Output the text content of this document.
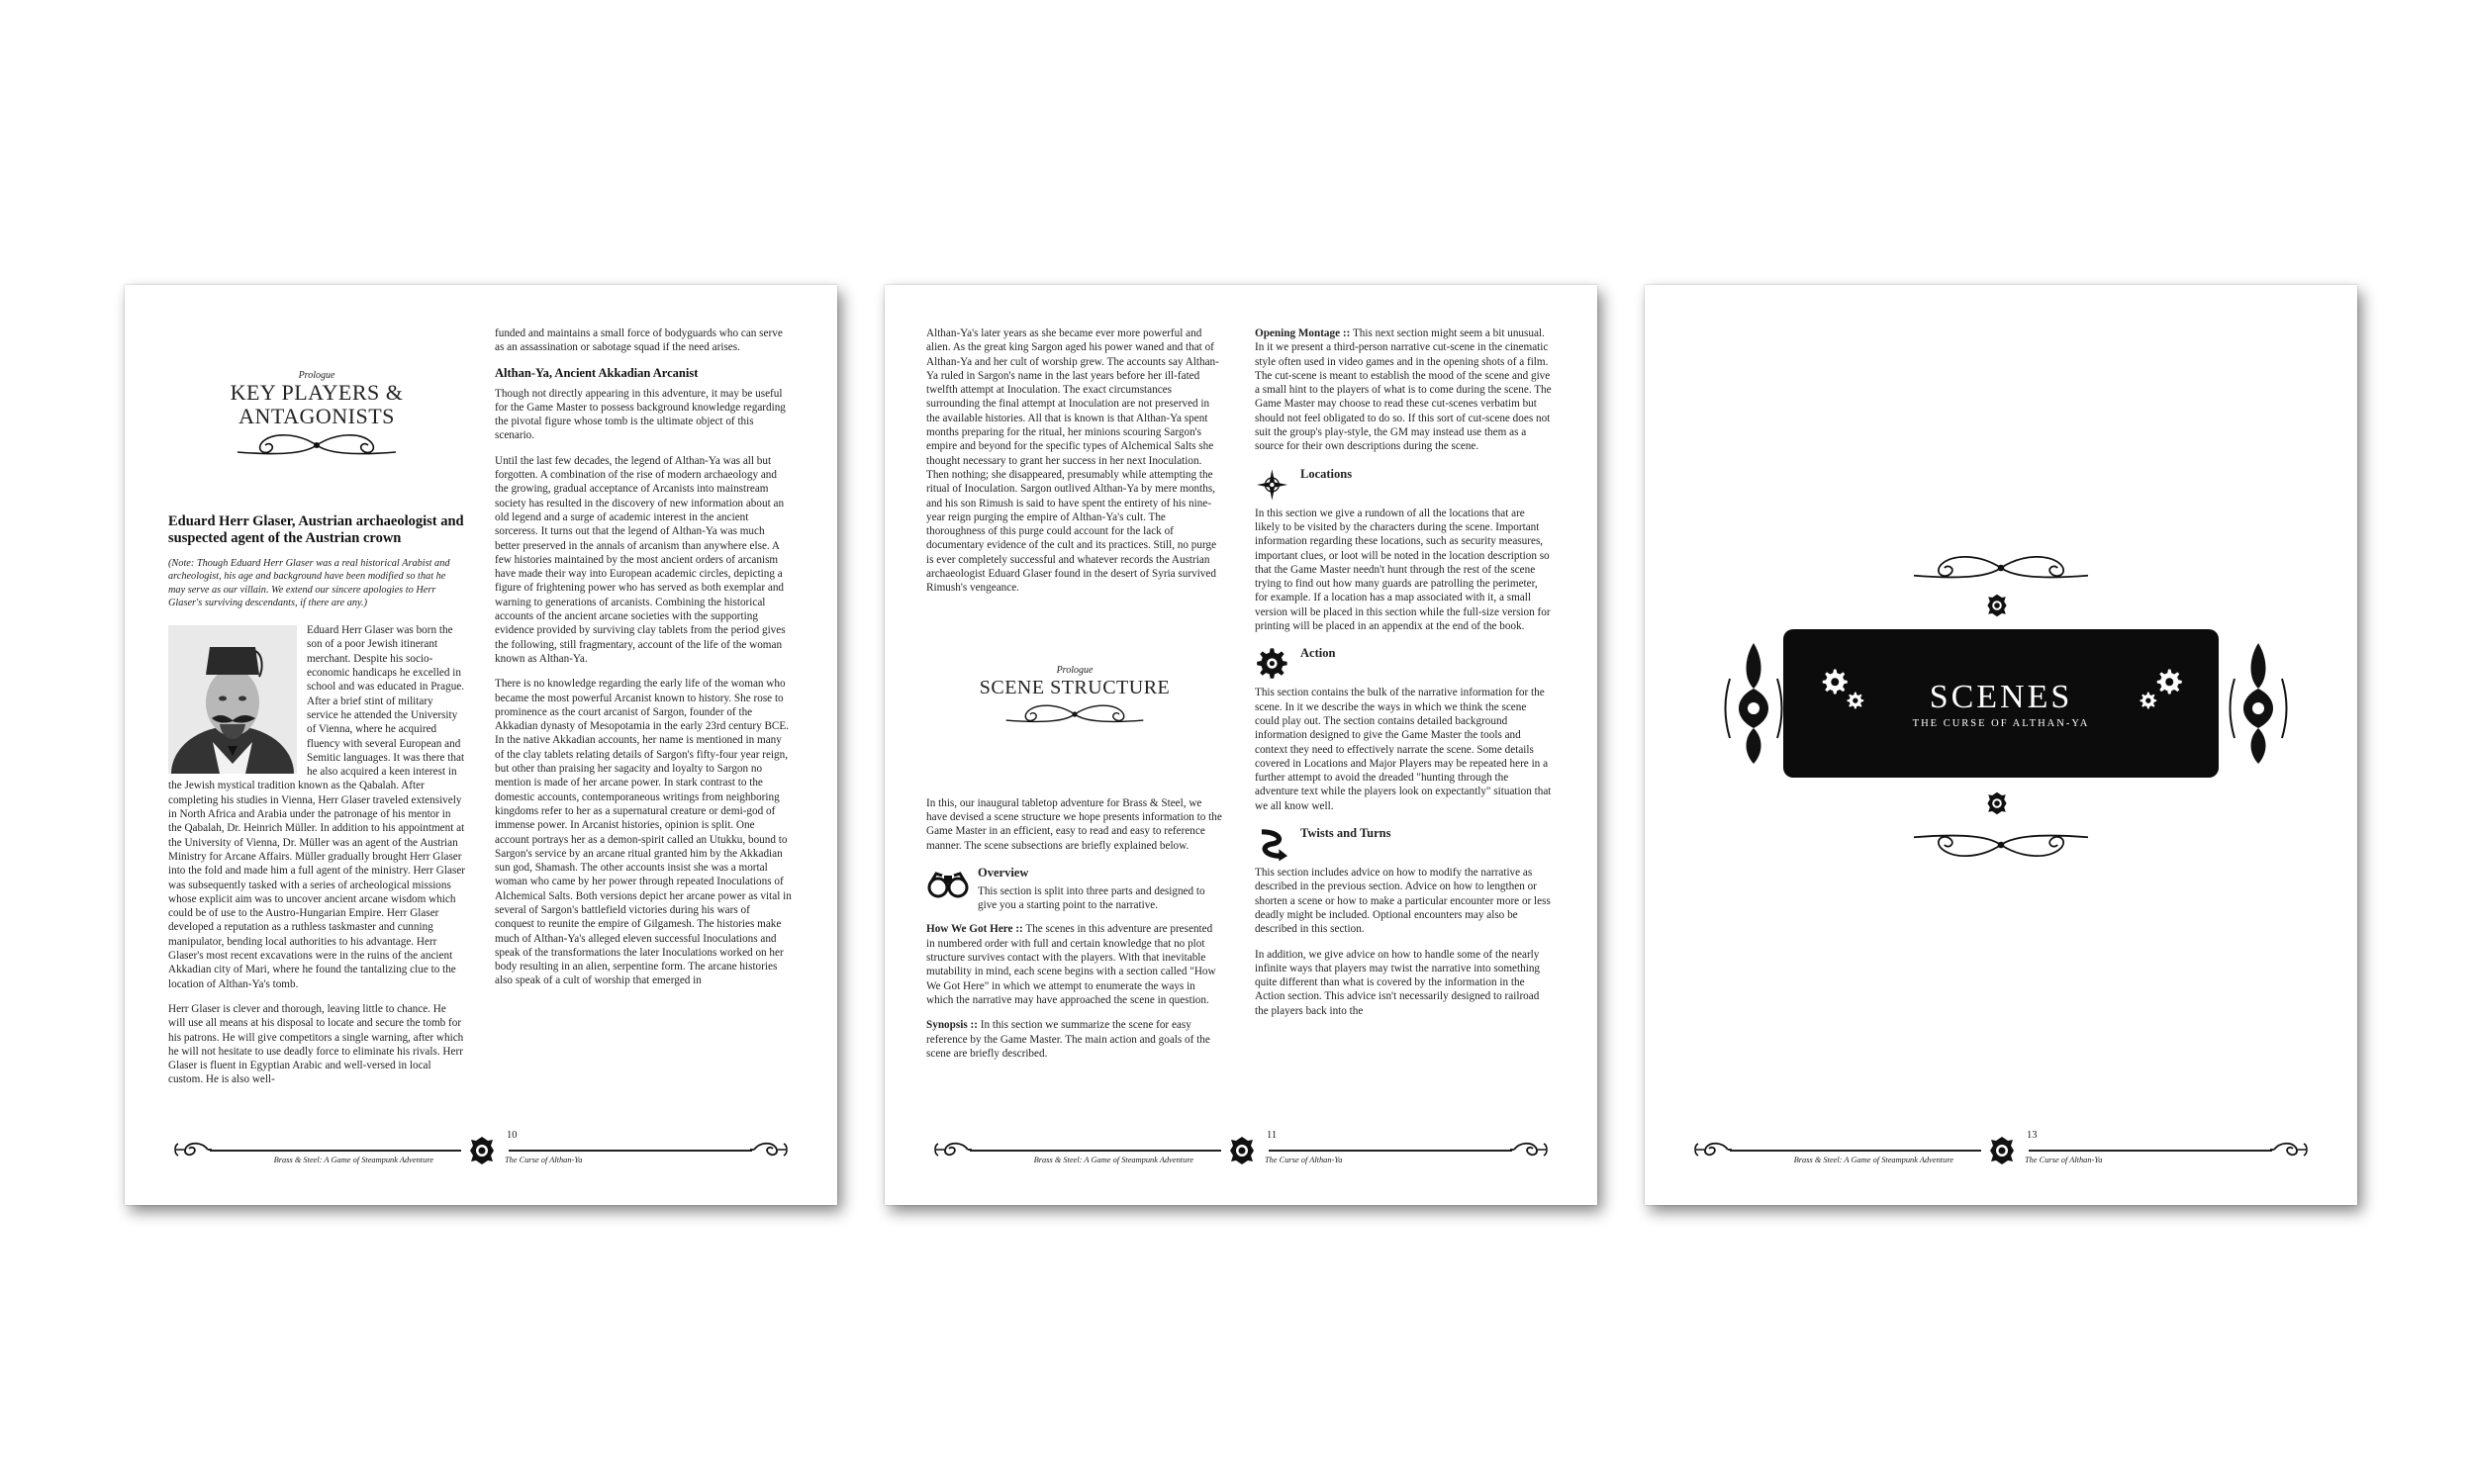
Prologue
KEY PLAYERS & ANTAGONISTS
Eduard Herr Glaser, Austrian archaeologist and suspected agent of the Austrian crown

(Note: Though Eduard Herr Glaser was a real historical Arabist and archeologist, his age and background have been modified so that he may serve as our villain. We extend our sincere apologies to Herr Glaser's surviving descendants, if there are any.)

Eduard Herr Glaser was born the son of a poor Jewish itinerant merchant. Despite his socio-economic handicaps he excelled in school and was educated in Prague. After a brief stint of military service he attended the University of Vienna, where he acquired fluency with several European and Semitic languages. It was there that he also acquired a keen interest in the Jewish mystical tradition known as the Qabalah. After completing his studies in Vienna, Herr Glaser traveled extensively in North Africa and Arabia under the patronage of his mentor in the Qabalah, Dr. Heinrich Müller. In addition to his appointment at the University of Vienna, Dr. Müller was an agent of the Austrian Ministry for Arcane Affairs. Müller gradually brought Herr Glaser into the fold and made him a full agent of the ministry. Herr Glaser was subsequently tasked with a series of archeological missions whose explicit aim was to uncover ancient arcane wisdom which could be of use to the Austro-Hungarian Empire. Herr Glaser developed a reputation as a ruthless taskmaster and cunning manipulator, bending local authorities to his advantage. Herr Glaser's most recent excavations were in the ruins of the ancient Akkadian city of Mari, where he found the tantalizing clue to the location of Althan-Ya's tomb.

Herr Glaser is clever and thorough, leaving little to chance. He will use all means at his disposal to locate and secure the tomb for his patrons. He will give competitors a single warning, after which he will not hesitate to use deadly force to eliminate his rivals. Herr Glaser is fluent in Egyptian Arabic and well-versed in local custom. He is also well-

funded and maintains a small force of bodyguards who can serve as an assassination or sabotage squad if the need arises.

Althan-Ya, Ancient Akkadian Arcanist

Though not directly appearing in this adventure, it may be useful for the Game Master to possess background knowledge regarding the pivotal figure whose tomb is the ultimate object of this scenario.

Until the last few decades, the legend of Althan-Ya was all but forgotten. A combination of the rise of modern archaeology and the growing, gradual acceptance of Arcanists into mainstream society has resulted in the discovery of new information about an old legend and a surge of academic interest in the ancient sorceress. It turns out that the legend of Althan-Ya was much better preserved in the annals of arcanism than anywhere else. A few histories maintained by the most ancient orders of arcanism have made their way into European academic circles, depicting a figure of frightening power who has served as both exemplar and warning to generations of arcanists. Combining the historical accounts of the ancient arcane societies with the supporting evidence provided by surviving clay tablets from the period gives the following, still fragmentary, account of the life of the woman known as Althan-Ya.

There is no knowledge regarding the early life of the woman who became the most powerful Arcanist known to history. She rose to prominence as the court arcanist of Sargon, founder of the Akkadian dynasty of Mesopotamia in the early 23rd century BCE. In the native Akkadian accounts, her name is mentioned in many of the clay tablets relating details of Sargon's fifty-four year reign, but other than praising her sagacity and loyalty to Sargon no mention is made of her arcane power. In stark contrast to the domestic accounts, contemporaneous writings from neighboring kingdoms refer to her as a supernatural creature or demi-god of immense power. In Arcanist histories, opinion is split. One account portrays her as a demon-spirit called an Utukku, bound to Sargon's service by an arcane ritual granted him by the Akkadian sun god, Shamash. The other accounts insist she was a mortal woman who came by her power through repeated Inoculations of Alchemical Salts. Both versions depict her arcane power as vital in several of Sargon's battlefield victories during his wars of conquest to reunite the empire of Gilgamesh. The histories make much of Althan-Ya's alleged eleven successful Inoculations and speak of the transformations the later Inoculations worked on her body resulting in an alien, serpentine form. The arcane histories also speak of a cult of worship that emerged in

10
Brass & Steel: A Game of Steampunk Adventure	The Curse of Althan-Ya

Althan-Ya's later years as she became ever more powerful and alien. As the great king Sargon aged his power waned and that of Althan-Ya and her cult of worship grew. The accounts say Althan-Ya ruled in Sargon's name in the last years before her ill-fated twelfth attempt at Inoculation. The exact circumstances surrounding the final attempt at Inoculation are not preserved in the available histories. All that is known is that Althan-Ya spent months preparing for the ritual, her minions scouring Sargon's empire and beyond for the specific types of Alchemical Salts she thought necessary to grant her success in her next Inoculation. Then nothing; she disappeared, presumably while attempting the ritual of Inoculation. Sargon outlived Althan-Ya by mere months, and his son Rimush is said to have spent the entirety of his nine-year reign purging the empire of Althan-Ya's cult. The thoroughness of this purge could account for the lack of documentary evidence of the cult and its practices. Still, no purge is ever completely successful and whatever records the Austrian archaeologist Eduard Glaser found in the desert of Syria survived Rimush's vengeance.

Prologue
SCENE STRUCTURE

In this, our inaugural tabletop adventure for Brass & Steel, we have devised a scene structure we hope presents information to the Game Master in an efficient, easy to read and easy to reference manner. The scene subsections are briefly explained below.

Overview

This section is split into three parts and designed to give you a starting point to the narrative.

How We Got Here :: The scenes in this adventure are presented in numbered order with full and certain knowledge that no plot structure survives contact with the players. With that inevitable mutability in mind, each scene begins with a section called "How We Got Here" in which we attempt to enumerate the ways in which the narrative may have approached the scene in question.

Synopsis :: In this section we summarize the scene for easy reference by the Game Master. The main action and goals of the scene are briefly described.

Opening Montage :: This next section might seem a bit unusual. In it we present a third-person narrative cut-scene in the cinematic style often used in video games and in the opening shots of a film. The cut-scene is meant to establish the mood of the scene and give a small hint to the players of what is to come during the scene. The Game Master may choose to read these cut-scenes verbatim but should not feel obligated to do so. If this sort of cut-scene does not suit the group's play-style, the GM may instead use them as a source for their own descriptions during the scene.

Locations

In this section we give a rundown of all the locations that are likely to be visited by the characters during the scene. Important information regarding these locations, such as security measures, important clues, or loot will be noted in the location description so that the Game Master needn't hunt through the rest of the scene trying to find out how many guards are patrolling the perimeter, for example. If a location has a map associated with it, a small version will be placed in this section while the full-size version for printing will be placed in an appendix at the end of the book.

Action

This section contains the bulk of the narrative information for the scene. In it we describe the ways in which we think the scene could play out. The section contains detailed background information designed to give the Game Master the tools and context they need to effectively narrate the scene. Some details covered in Locations and Major Players may be repeated here in a further attempt to avoid the dreaded "hunting through the adventure text while the players look on expectantly" situation that we all know well.

Twists and Turns

This section includes advice on how to modify the narrative as described in the previous section. Advice on how to lengthen or shorten a scene or how to make a particular encounter more or less deadly might be included. Optional encounters may also be described in this section.

In addition, we give advice on how to handle some of the nearly infinite ways that players may twist the narrative into something quite different than what is covered by the information in the Action section. This advice isn't necessarily designed to railroad the players back into the

11
Brass & Steel: A Game of Steampunk Adventure	The Curse of Althan-Ya
SCENES
THE CURSE OF ALTHAN-YA
13
Brass & Steel: A Game of Steampunk Adventure	The Curse of Althan-Ya
